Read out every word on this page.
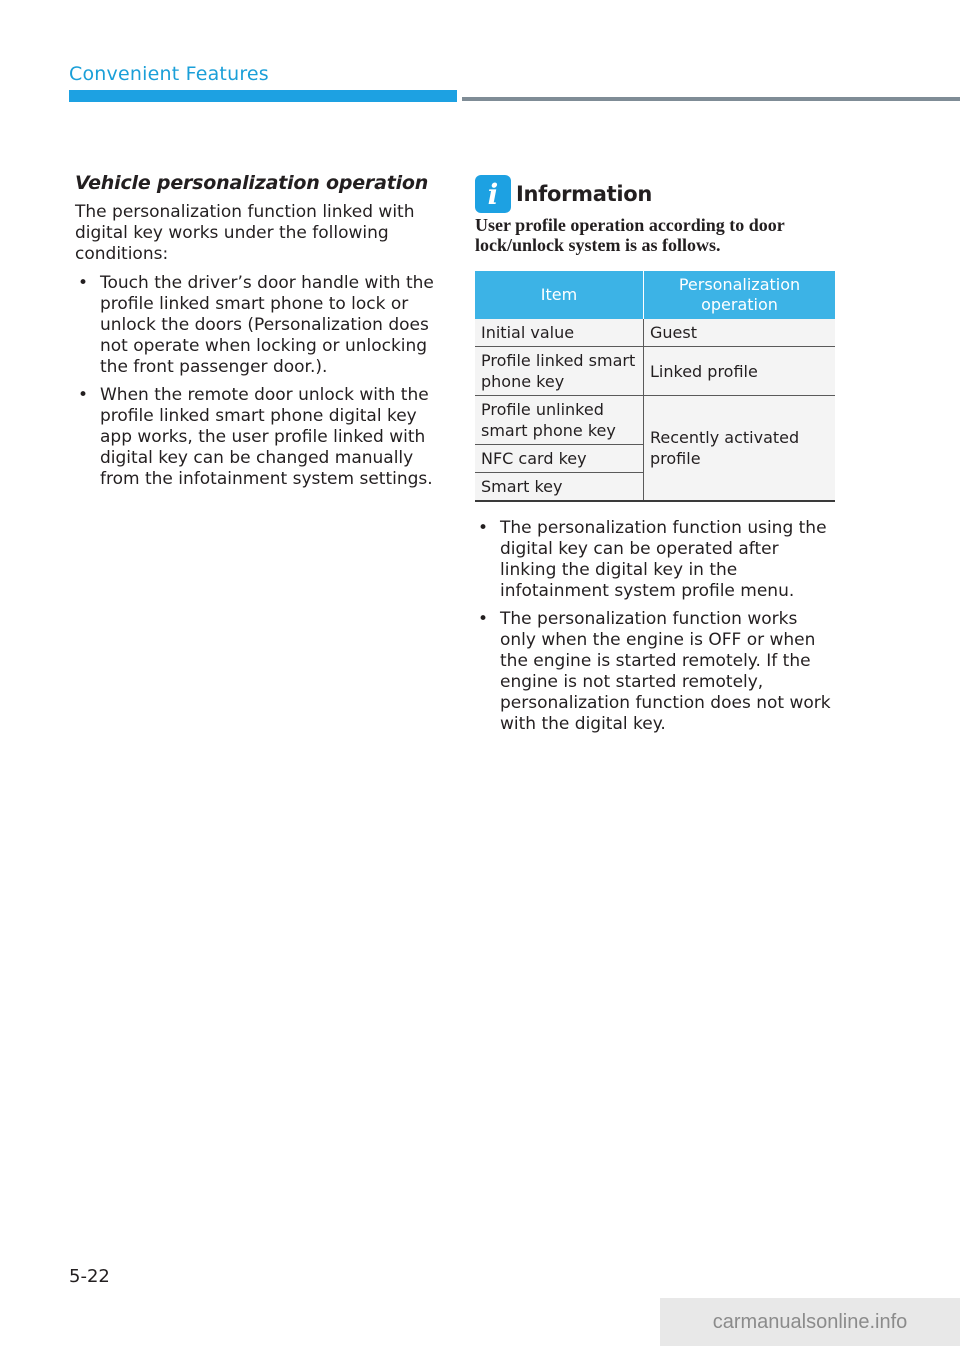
Convenient Features
Vehicle personalization operation

The personalization function linked with digital key works under the following conditions:

• Touch the driver’s door handle with the profile linked smart phone to lock or unlock the doors (Personalization does not operate when locking or unlocking the front passenger door.).
• When the remote door unlock with the profile linked smart phone digital key app works, the user profile linked with digital key can be changed manually from the infotainment system settings.
i Information
User profile operation according to door lock/unlock system is as follows.
Item	Personalization operation
Initial value	Guest
Profile linked smart phone key	Linked profile
Profile unlinked smart phone key	Recently activated profile
NFC card key	
Smart key	
• The personalization function using the digital key can be operated after linking the digital key in the infotainment system profile menu.
• The personalization function works only when the engine is OFF or when the engine is started remotely. If the engine is not started remotely, personalization function does not work with the digital key.
5-22
carmanualsonline.info
